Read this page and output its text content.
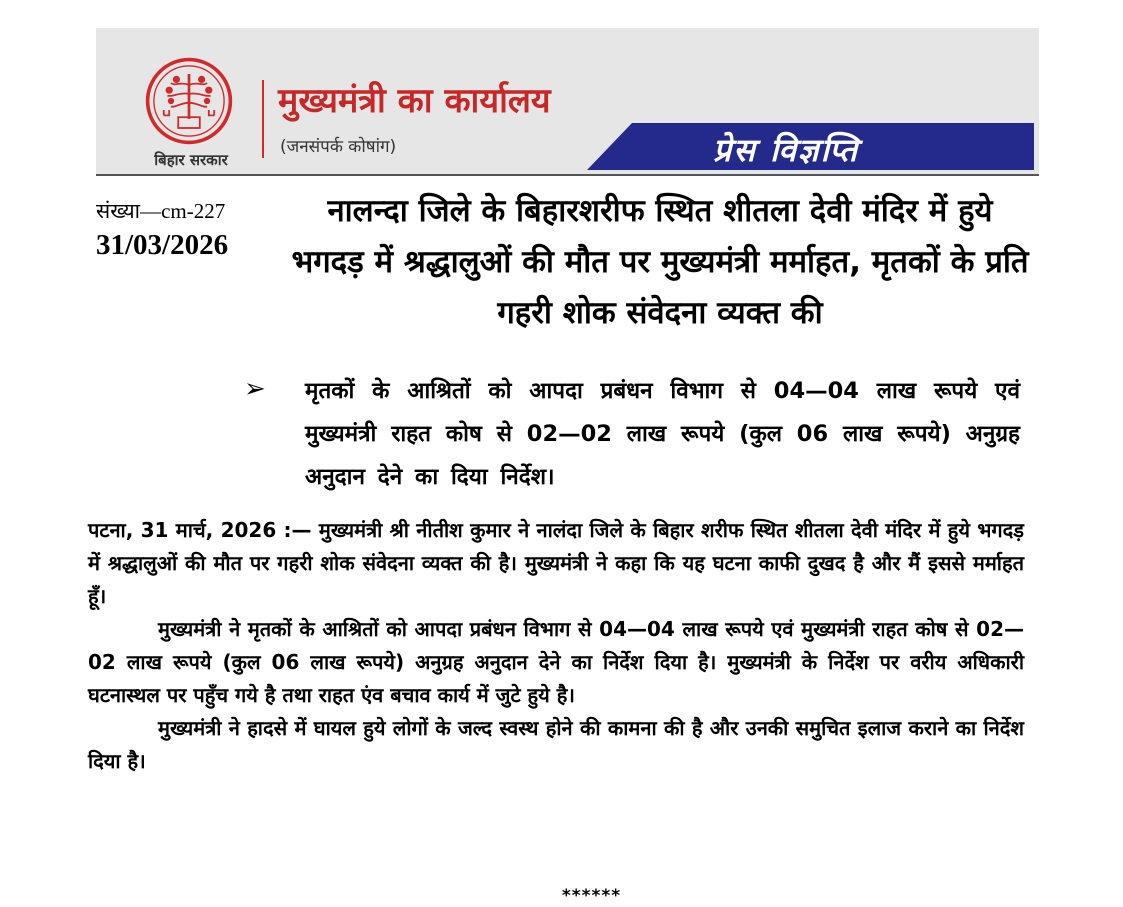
बिहार सरकार
मुख्यमंत्री का कार्यालय
(जनसंपर्क कोषांग)	प्रेस विज्ञप्ति
संख्या—cm-227
31/03/2026
नालन्दा जिले के बिहारशरीफ स्थित शीतला देवी मंदिर में हुये भगदड़ में श्रद्धालुओं की मौत पर मुख्यमंत्री मर्माहत, मृतकों के प्रति गहरी शोक संवेदना व्यक्त की
➢ मृतकों के आश्रितों को आपदा प्रबंधन विभाग से 04—04 लाख रूपये एवं मुख्यमंत्री राहत कोष से 02—02 लाख रूपये (कुल 06 लाख रूपये) अनुग्रह अनुदान देने का दिया निर्देश।

पटना, 31 मार्च, 2026 :— मुख्यमंत्री श्री नीतीश कुमार ने नालंदा जिले के बिहार शरीफ स्थित शीतला देवी मंदिर में हुये भगदड़ में श्रद्धालुओं की मौत पर गहरी शोक संवेदना व्यक्त की है। मुख्यमंत्री ने कहा कि यह घटना काफी दुखद है और मैं इससे मर्माहत हूँ।

मुख्यमंत्री ने मृतकों के आश्रितों को आपदा प्रबंधन विभाग से 04—04 लाख रूपये एवं मुख्यमंत्री राहत कोष से 02—02 लाख रूपये (कुल 06 लाख रूपये) अनुग्रह अनुदान देने का निर्देश दिया है। मुख्यमंत्री के निर्देश पर वरीय अधिकारी घटनास्थल पर पहुँच गये है तथा राहत एंव बचाव कार्य में जुटे हुये है।

मुख्यमंत्री ने हादसे में घायल हुये लोगों के जल्द स्वस्थ होने की कामना की है और उनकी समुचित इलाज कराने का निर्देश दिया है।

******
